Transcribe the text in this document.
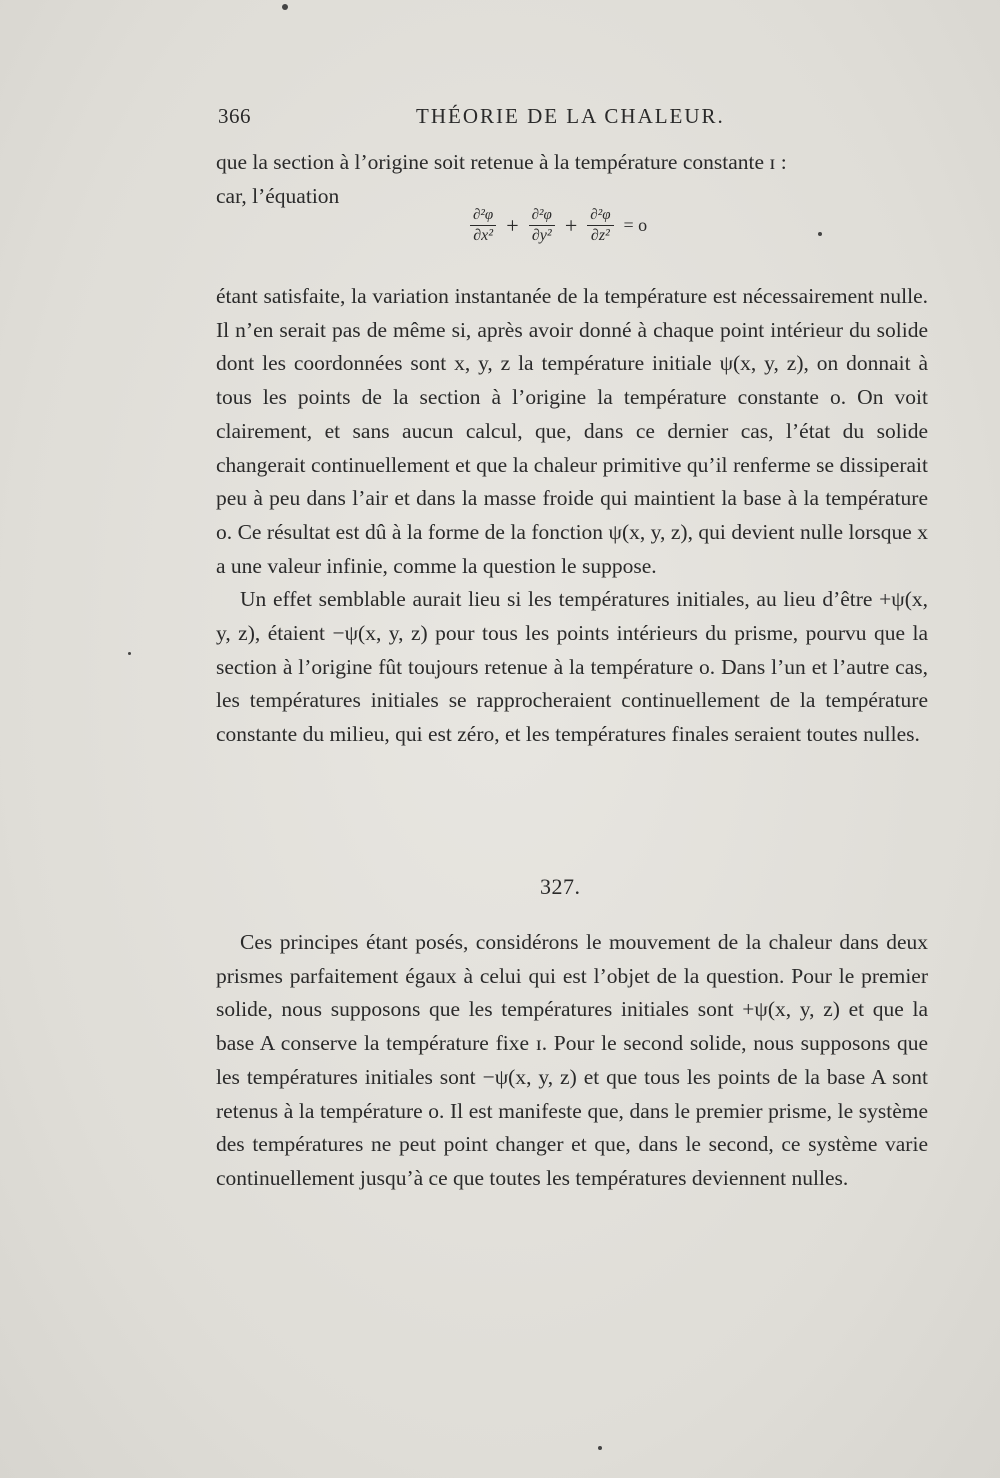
366	THÉORIE DE LA CHALEUR.

que la section à l’origine soit retenue à la température constante ɪ :

car, l’équation

$\frac{\text{∂²φ}}{\text{∂x²}} + \frac{\text{∂²φ}}{\text{∂y²}} + \frac{\text{∂²φ}}{\text{∂z²}} = o$

étant satisfaite, la variation instantanée de la température est nécessairement nulle. Il n’en serait pas de même si, après avoir donné à chaque point intérieur du solide dont les coordonnées sont x, y, z la température initiale ψ(x, y, z), on donnait à tous les points de la section à l’origine la température constante o. On voit clairement, et sans aucun calcul, que, dans ce dernier cas, l’état du solide changerait continuellement et que la chaleur primitive qu’il renferme se dissiperait peu à peu dans l’air et dans la masse froide qui maintient la base à la température o. Ce résultat est dû à la forme de la fonction ψ(x, y, z), qui devient nulle lorsque x a une valeur infinie, comme la question le suppose.

Un effet semblable aurait lieu si les températures initiales, au lieu d’être +ψ(x, y, z), étaient −ψ(x, y, z) pour tous les points intérieurs du prisme, pourvu que la section à l’origine fût toujours retenue à la température o. Dans l’un et l’autre cas, les températures initiales se rapprocheraient continuellement de la température constante du milieu, qui est zéro, et les températures finales seraient toutes nulles.

327.

Ces principes étant posés, considérons le mouvement de la chaleur dans deux prismes parfaitement égaux à celui qui est l’objet de la question. Pour le premier solide, nous supposons que les températures initiales sont +ψ(x, y, z) et que la base A conserve la température fixe ɪ. Pour le second solide, nous supposons que les températures initiales sont −ψ(x, y, z) et que tous les points de la base A sont retenus à la température o. Il est manifeste que, dans le premier prisme, le système des températures ne peut point changer et que, dans le second, ce système varie continuellement jusqu’à ce que toutes les températures deviennent nulles.
